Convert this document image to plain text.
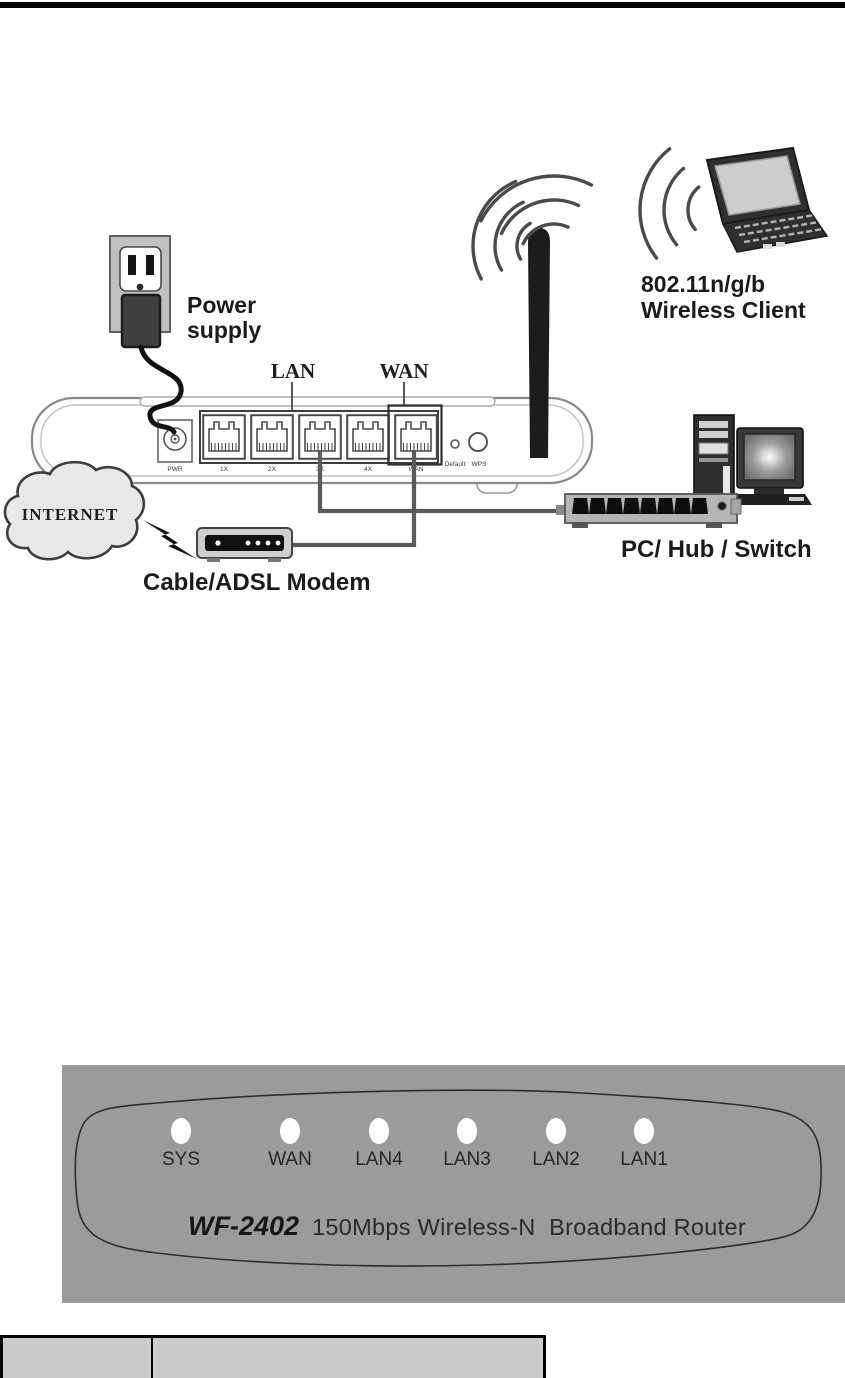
PWR	1X	2X	3X	4X	WAN
Default WPS
LAN	WAN
802.11n/g/b
Wireless Client
Power
supply
INTERNET
Cable/ADSL Modem
PC/ Hub / Switch
SYS	WAN LAN4 LAN3 LAN2 LAN1
WF-2402 150Mbps Wireless-N  Broadband Router
